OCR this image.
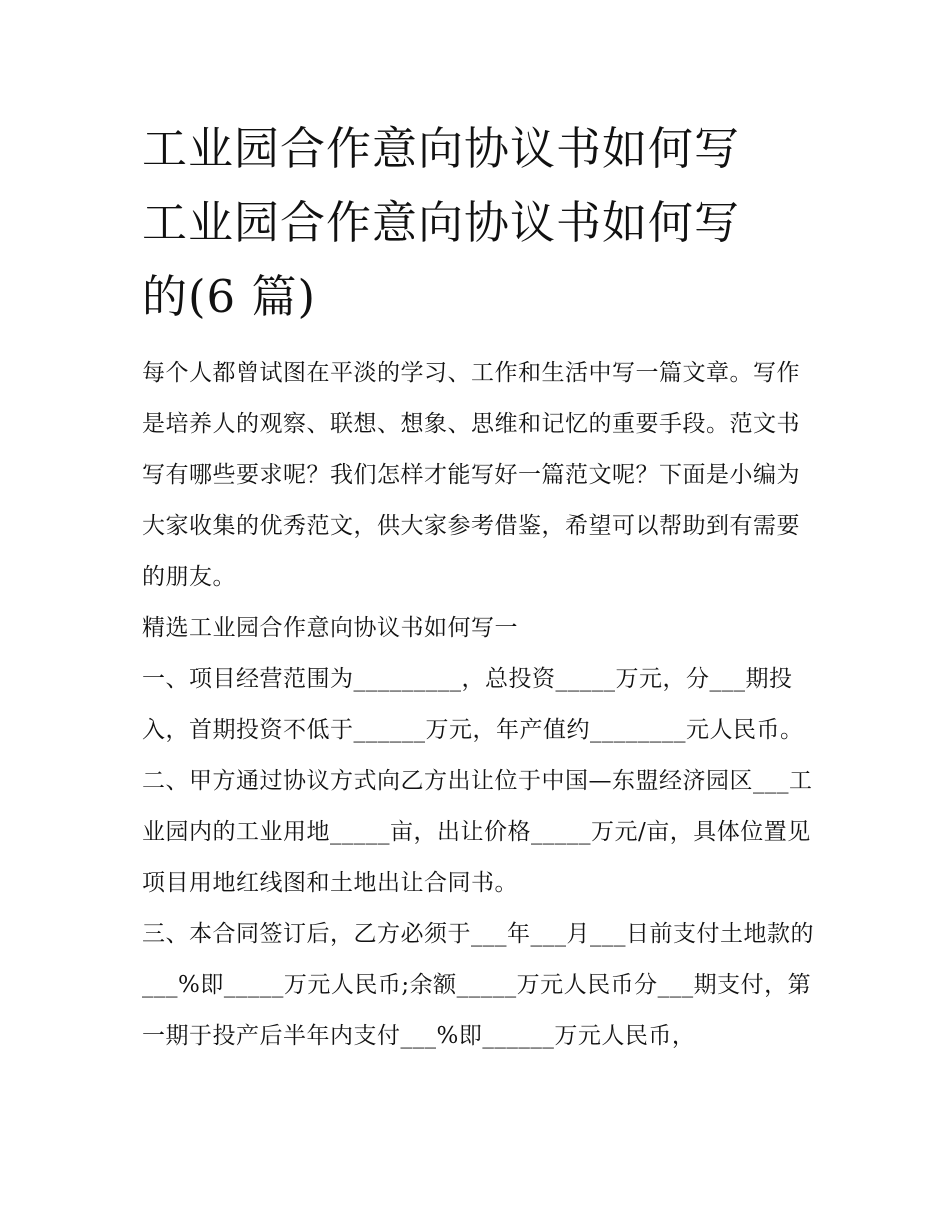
工业园合作意向协议书如何写
工业园合作意向协议书如何写
的(6 篇)

每个人都曾试图在平淡的学习、工作和生活中写一篇文章。写作是培养人的观察、联想、想象、思维和记忆的重要手段。范文书写有哪些要求呢？我们怎样才能写好一篇范文呢？下面是小编为大家收集的优秀范文，供大家参考借鉴，希望可以帮助到有需要的朋友。

精选工业园合作意向协议书如何写一

一、项目经营范围为_________，总投资_____万元，分___期投入，首期投资不低于______万元，年产值约________元人民币。

二、甲方通过协议方式向乙方出让位于中国—东盟经济园区___工业园内的工业用地_____亩，出让价格_____万元/亩，具体位置见项目用地红线图和土地出让合同书。

三、本合同签订后，乙方必须于___年___月___日前支付土地款的___%即_____万元人民币;余额_____万元人民币分___期支付，第一期于投产后半年内支付___%即______万元人民币，
